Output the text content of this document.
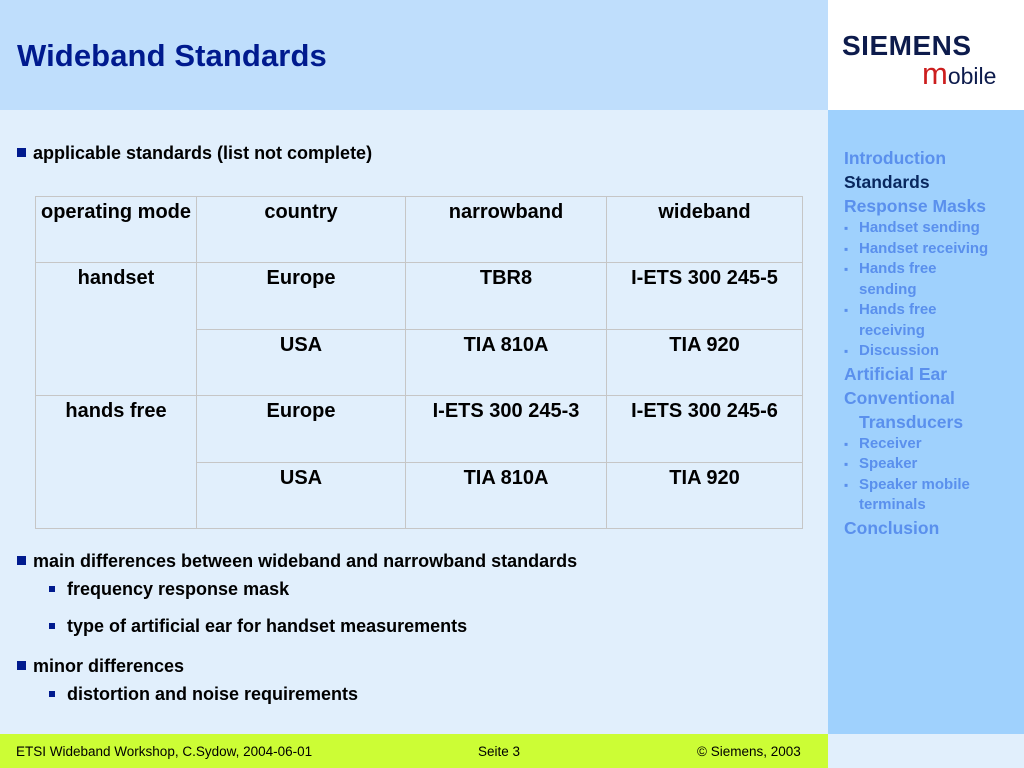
Wideband Standards	SIEMENS
mobile
applicable standards (list not complete)
operating mode	country	narrowband	wideband
handset	Europe	TBR8	I-ETS 300 245-5
	USA	TIA 810A	TIA 920
hands free	Europe	I-ETS 300 245-3	I-ETS 300 245-6
	USA	TIA 810A	TIA 920
main differences between wideband and narrowband standards
frequency response mask
type of artificial ear for handset measurements
minor differences
distortion and noise requirements
Introduction
Standards
Response Masks
▪ Handset sending
▪ Handset receiving
▪ Hands free
sending
▪ Hands free
receiving
▪ Discussion
Artificial Ear
Conventional
Transducers
▪ Receiver
▪ Speaker
▪ Speaker mobile
terminals
Conclusion
ETSI Wideband Workshop, C.Sydow, 2004-06-01	Seite 3	© Siemens, 2003
